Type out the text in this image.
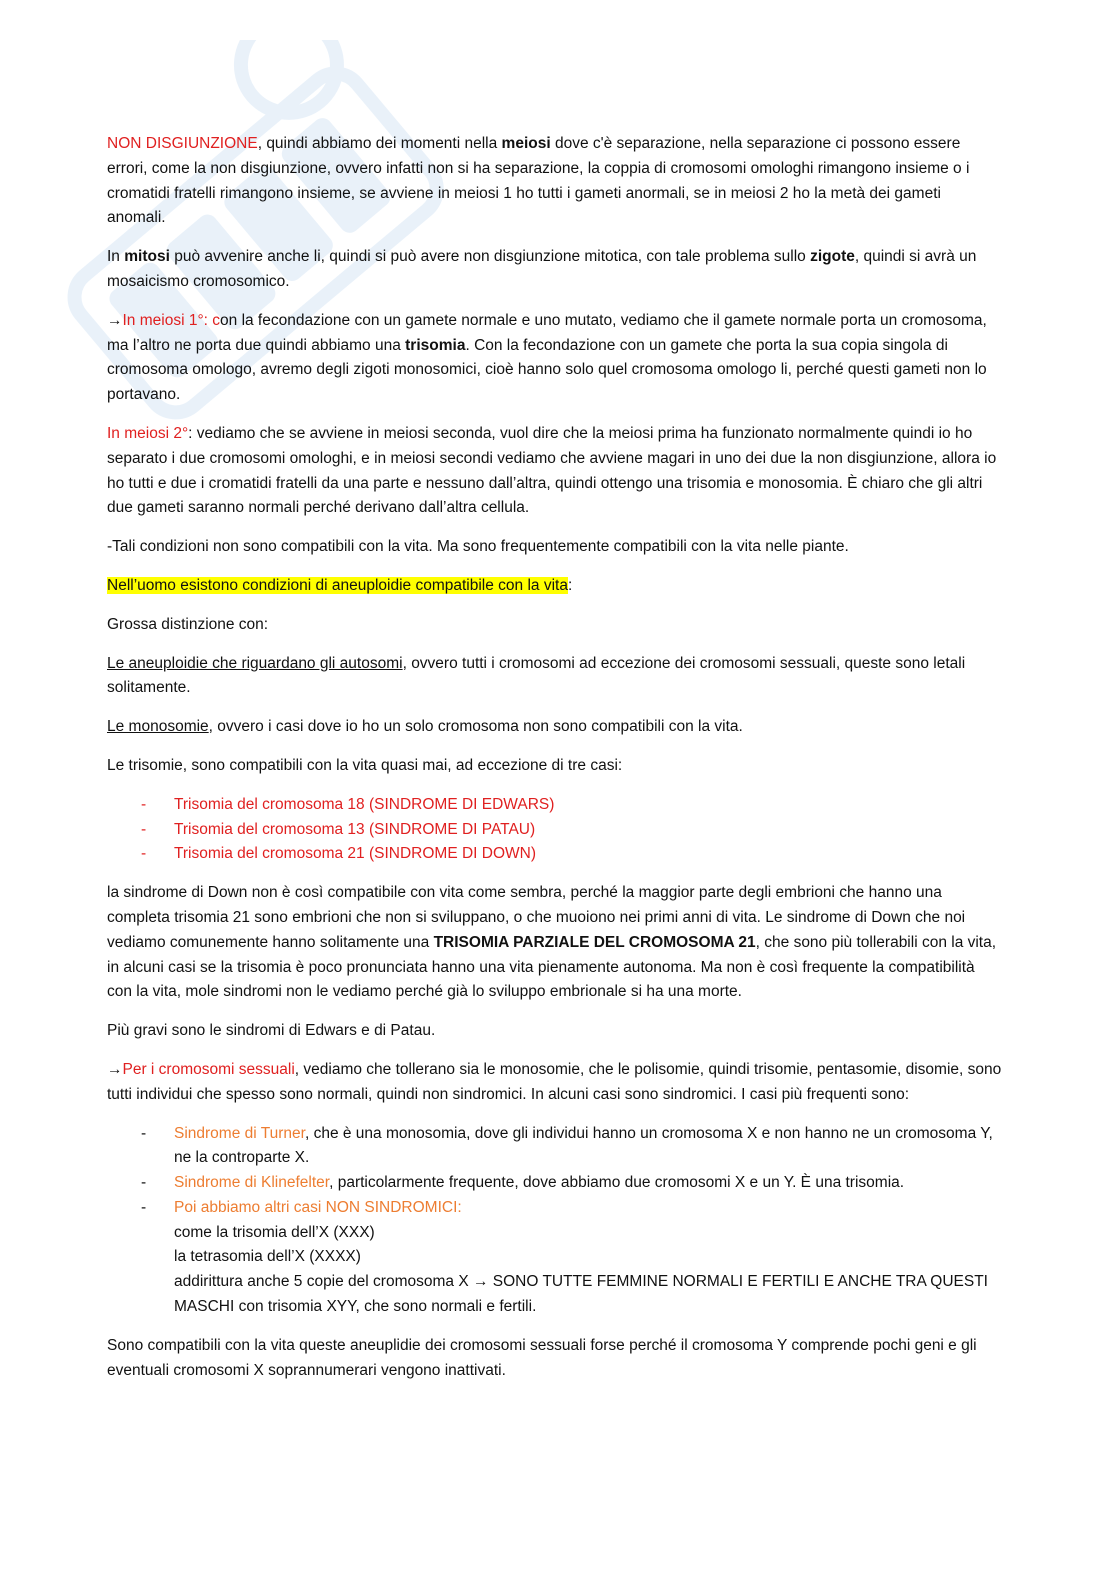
NON DISGIUNZIONE, quindi abbiamo dei momenti nella meiosi dove c'è separazione, nella separazione ci possono essere errori, come la non disgiunzione, ovvero infatti non si ha separazione, la coppia di cromosomi omologhi rimangono insieme o i cromatidi fratelli rimangono insieme, se avviene in meiosi 1 ho tutti i gameti anormali, se in meiosi 2 ho la metà dei gameti anomali.

In mitosi può avvenire anche li, quindi si può avere non disgiunzione mitotica, con tale problema sullo zigote, quindi si avrà un mosaicismo cromosomico.

→In meiosi 1°: con la fecondazione con un gamete normale e uno mutato, vediamo che il gamete normale porta un cromosoma, ma l’altro ne porta due quindi abbiamo una trisomia. Con la fecondazione con un gamete che porta la sua copia singola di cromosoma omologo, avremo degli zigoti monosomici, cioè hanno solo quel cromosoma omologo li, perché questi gameti non lo portavano.

In meiosi 2°: vediamo che se avviene in meiosi seconda, vuol dire che la meiosi prima ha funzionato normalmente quindi io ho separato i due cromosomi omologhi, e in meiosi secondi vediamo che avviene magari in uno dei due la non disgiunzione, allora io ho tutti e due i cromatidi fratelli da una parte e nessuno dall’altra, quindi ottengo una trisomia e monosomia. È chiaro che gli altri due gameti saranno normali perché derivano dall’altra cellula.

-Tali condizioni non sono compatibili con la vita. Ma sono frequentemente compatibili con la vita nelle piante.

Nell’uomo esistono condizioni di aneuploidie compatibile con la vita:

Grossa distinzione con:

Le aneuploidie che riguardano gli autosomi, ovvero tutti i cromosomi ad eccezione dei cromosomi sessuali, queste sono letali solitamente.

Le monosomie, ovvero i casi dove io ho un solo cromosoma non sono compatibili con la vita.

Le trisomie, sono compatibili con la vita quasi mai, ad eccezione di tre casi:

- Trisomia del cromosoma 18 (SINDROME DI EDWARS)
- Trisomia del cromosoma 13 (SINDROME DI PATAU)
- Trisomia del cromosoma 21 (SINDROME DI DOWN)

la sindrome di Down non è così compatibile con vita come sembra, perché la maggior parte degli embrioni che hanno una completa trisomia 21 sono embrioni che non si sviluppano, o che muoiono nei primi anni di vita. Le sindrome di Down che noi vediamo comunemente hanno solitamente una TRISOMIA PARZIALE DEL CROMOSOMA 21, che sono più tollerabili con la vita, in alcuni casi se la trisomia è poco pronunciata hanno una vita pienamente autonoma. Ma non è così frequente la compatibilità con la vita, mole sindromi non le vediamo perché già lo sviluppo embrionale si ha una morte.

Più gravi sono le sindromi di Edwars e di Patau.

→Per i cromosomi sessuali, vediamo che tollerano sia le monosomie, che le polisomie, quindi trisomie, pentasomie, disomie, sono tutti individui che spesso sono normali, quindi non sindromici. In alcuni casi sono sindromici. I casi più frequenti sono:

- Sindrome di Turner, che è una monosomia, dove gli individui hanno un cromosoma X e non hanno ne un cromosoma Y, ne la controparte X.
- Sindrome di Klinefelter, particolarmente frequente, dove abbiamo due cromosomi X e un Y. È una trisomia.
- Poi abbiamo altri casi NON SINDROMICI:
come la trisomia dell’X (XXX)
la tetrasomia dell’X (XXXX)
addirittura anche 5 copie del cromosoma X → SONO TUTTE FEMMINE NORMALI E FERTILI E ANCHE TRA QUESTI MASCHI con trisomia XYY, che sono normali e fertili.

Sono compatibili con la vita queste aneuplidie dei cromosomi sessuali forse perché il cromosoma Y comprende pochi geni e gli eventuali cromosomi X soprannumerari vengono inattivati.
